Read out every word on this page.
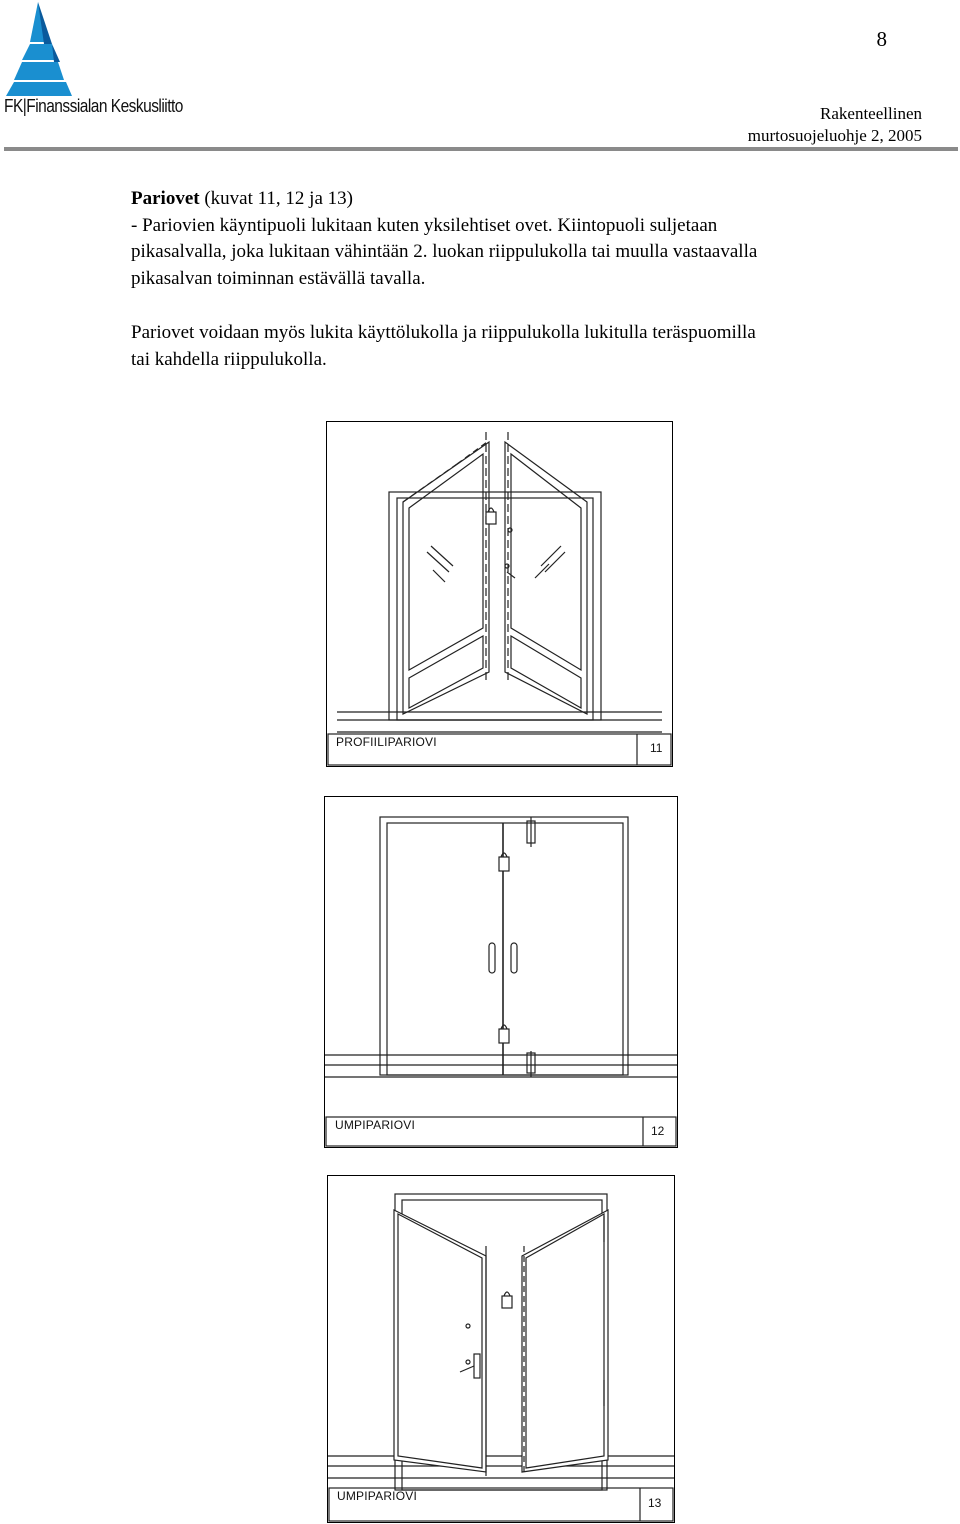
FK|Finanssialan Keskusliitto
8
Rakenteellinen
murtosuojeluohje 2, 2005

Pariovet (kuvat 11, 12 ja 13)

- Pariovien käyntipuoli lukitaan kuten yksilehtiset ovet. Kiintopuoli suljetaan

pikasalvalla, joka lukitaan vähintään 2. luokan riippulukolla tai muulla vastaavalla

pikasalvan toiminnan estävällä tavalla.

Pariovet voidaan myös lukita käyttölukolla ja riippulukolla lukitulla teräspuomilla

tai kahdella riippulukolla.

PROFIILIPARIOVI	11
UMPIPARIOVI	12
UMPIPARIOVI	13
